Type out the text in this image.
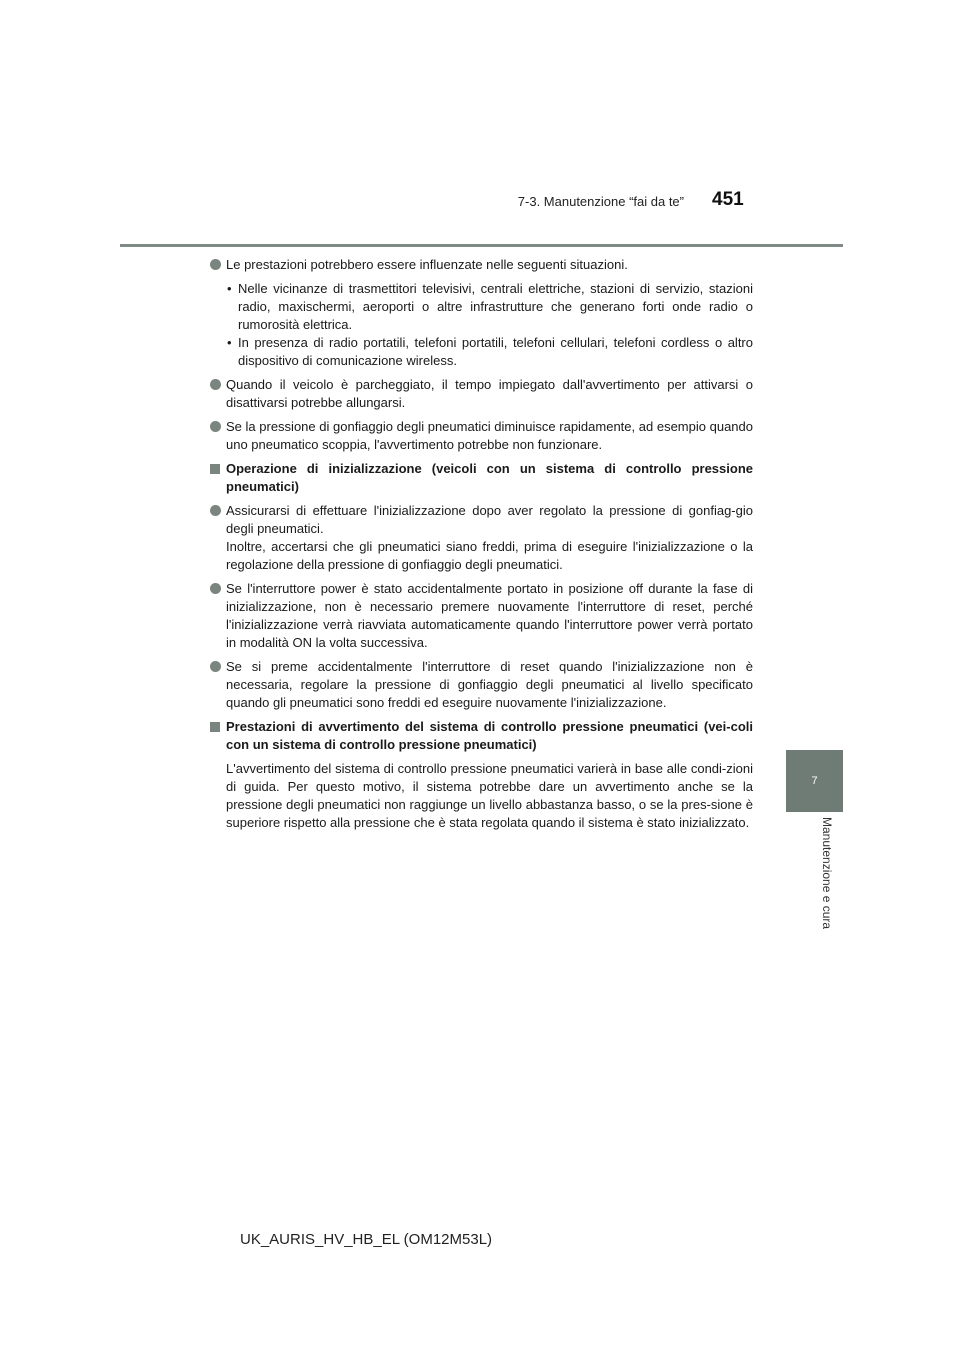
7-3. Manutenzione “fai da te” 451
7
Manutenzione e cura
Le prestazioni potrebbero essere influenzate nelle seguenti situazioni.
• Nelle vicinanze di trasmettitori televisivi, centrali elettriche, stazioni di servizio, stazioni radio, maxischermi, aeroporti o altre infrastrutture che generano forti onde radio o rumorosità elettrica.
• In presenza di radio portatili, telefoni portatili, telefoni cellulari, telefoni cordless o altro dispositivo di comunicazione wireless.
Quando il veicolo è parcheggiato, il tempo impiegato dall'avvertimento per attivarsi o disattivarsi potrebbe allungarsi.
Se la pressione di gonfiaggio degli pneumatici diminuisce rapidamente, ad esempio quando uno pneumatico scoppia, l'avvertimento potrebbe non funzionare.
Operazione di inizializzazione (veicoli con un sistema di controllo pressione pneumatici)
Assicurarsi di effettuare l'inizializzazione dopo aver regolato la pressione di gonfiag-gio degli pneumatici.
Inoltre, accertarsi che gli pneumatici siano freddi, prima di eseguire l'inizializzazione o la regolazione della pressione di gonfiaggio degli pneumatici.
Se l'interruttore power è stato accidentalmente portato in posizione off durante la fase di inizializzazione, non è necessario premere nuovamente l'interruttore di reset, perché l'inizializzazione verrà riavviata automaticamente quando l'interruttore power verrà portato in modalità ON la volta successiva.
Se si preme accidentalmente l'interruttore di reset quando l'inizializzazione non è necessaria, regolare la pressione di gonfiaggio degli pneumatici al livello specificato quando gli pneumatici sono freddi ed eseguire nuovamente l'inizializzazione.
Prestazioni di avvertimento del sistema di controllo pressione pneumatici (vei-coli con un sistema di controllo pressione pneumatici)
L'avvertimento del sistema di controllo pressione pneumatici varierà in base alle condi-zioni di guida. Per questo motivo, il sistema potrebbe dare un avvertimento anche se la pressione degli pneumatici non raggiunge un livello abbastanza basso, o se la pres-sione è superiore rispetto alla pressione che è stata regolata quando il sistema è stato inizializzato.
UK_AURIS_HV_HB_EL (OM12M53L)
